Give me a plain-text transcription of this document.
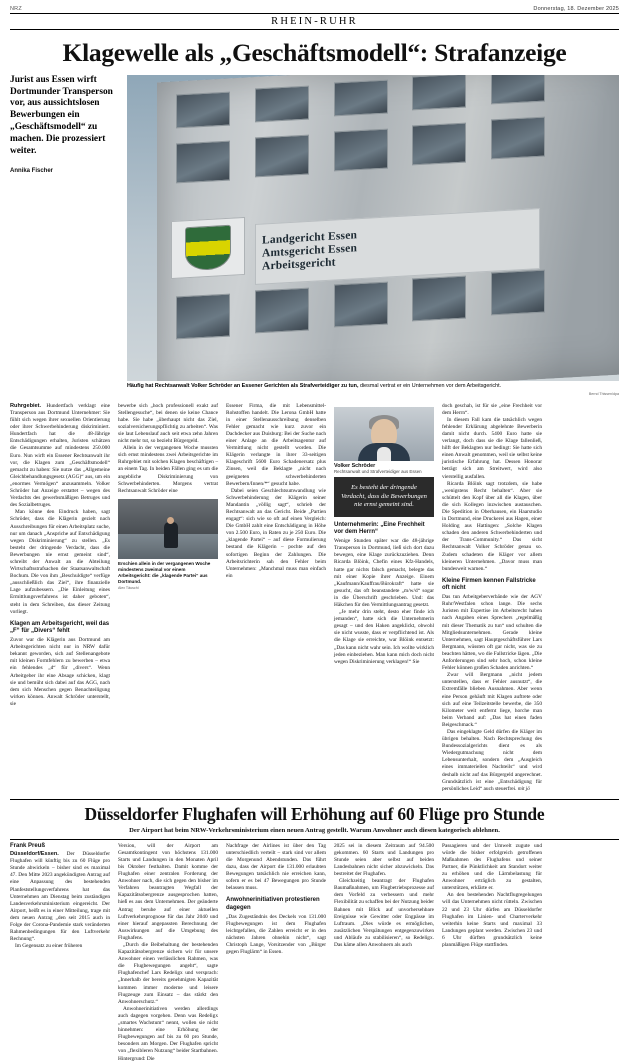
NRZ	Donnerstag, 18. Dezember 2025
RHEIN-RUHR
Klagewelle als „Geschäftsmodell“: Strafanzeige
Jurist aus Essen wirft Dortmunder Transperson vor, aus aussichtslosen Bewerbungen ein „Geschäftsmodell“ zu machen. Die prozessiert weiter.
Annika Fischer
Landgericht Essen
Amtsgericht Essen
Arbeitsgericht
Häufig hat Rechtsanwalt Volker Schröder an Essener Gerichten als Strafverteidiger zu tun, diesmal vertrat er ein Unternehmen vor dem Arbeitsgericht.
Bernd Thissen/dpa

Ruhrgebiet. Hundertfach verklagt eine Transperson aus Dortmund Unternehmer: Sie fühlt sich wegen ihrer sexuellen Orientierung oder ihrer Schwerbehinderung diskriminiert. Hundertfach hat die 48-Jährige Entschädigungen erhalten, Juristen schätzen die Gesamtsumme auf mindestens 250.000 Euro. Nun wirft ein Essener Rechtsanwalt ihr vor, die Klagen zum „Geschäftsmodell“ gemacht zu haben: Sie nutze das „Allgemeine Gleichbehandlungsgesetz (AGG)“ aus, um ein „enormes Vermögen“ anzusammeln. Volker Schröder hat Anzeige erstattet – wegen des Verdachts des gewerbsmäßigen Betruges und des Sozialbetruges.

Man könne den Eindruck haben, sagt Schröder, dass die Klägerin gezielt nach Ausschreibungen für einen Arbeitsplatz suche, nur um danach „Anspriche auf Entschädigung wegen Diskriminierung“ zu stellen. „Es besteht der dringende Verdacht, dass die Bewerbungen nie ernst gemeint sind“, schreibt der Anwalt an die Abteilung Wirtschaftsstrafsachen der Staatsanwaltschaft Bochum. Die von ihm „Beschuldigte“ verfüge „ausschließlich das Ziel“, ihre finanzielle Lage aufzubessern. „Die Einleitung eines Ermittlungsverfahrens ist daher geboten“, steht in dem Schreiben, das dieser Zeitung vorliegt.

Klagen am Arbeitsgericht, weil das „F“ für „Divers“ fehlt

Zuvor war die Klägerin aus Dortmund am Arbeitsgerichten nicht nur in NRW dafür bekannt geworden, sich auf Stellenangebote mit kleinen Formfehlern zu bewerben – etwa ein fehlendes „d“ für „divers“. Wenn Arbeitgeber ihr eine Absage schicken, klagt sie und bemüht sich dabei auf das AGG, nach dem sich Menschen gegen Benachteiligung wirken können. Anwalt Schröder unterstellt, sie

bewerbe sich „hoch professionell exakt auf Stellengesuche“, bei denen sie keine Chance habe. Sie habe „überhaupt nicht das Ziel, sozialversicherungspflichtig zu arbeiten“. Was sie laut Lebenslauf auch seit etwa zehn Jahren nicht mehr tut, so bezieht Bürgergeld.

Allein in der vergangenen Woche mussten sich ernst mindestens zwei Arbeitsgerichte im Ruhrgebiet mit solchen Klagen beschäftigen – an einem Tag. In beiden Fällen ging es um die angebliche Diskriminierung von Schwerbehinderten. Morgens vertrat Rechtsanwalt Schröder eine

Erschien allein in der vergangenen Woche mindestens zweimal vor einem Arbeitsgericht: die „klagende Partei“ aus Dortmund.
Alex Täuschl

Essener Firma, die mit Lebensmittel-Rohstoffen handelt. Die Lerona GmbH hatte in einer Stellenausschreibung denselben Fehler gemacht wie kurz zuvor ein Dachdecker aus Duisburg: Bei der Suche nach einer Anlage an die Arbeitsagentur auf Vermittlung nicht gestellt worden. Die Klägerin verlangte in ihrer 33-seitigen Klageschrift 5600 Euro Schadenersatz plus Zinsen, weil die Beklagte „nicht nach geeigneten schwerbehinderten Bewerbern/Innen/*“ gesucht habe.

Dabei seien Geschlechtsumwandlung wie Schwerbehinderung der Klägerin seiner Mandantin „völlig sagt“, schrieb der Rechtsanwalt an das Gericht. Beide „Partien engagt“: sich wie so oft auf einen Vergleich: Die GmbH zahlt eine Entschädigung in Höhe von 2.500 Euro, in Raten zu je 250 Euro. Die „klagende Partei“ – auf diese Formulierung bestand die Klägerin – pochte auf den sofortigen Beginn der Zahlungen. Die Arbeitsrichterin sah den Fehler beim Unternehmen: „Manchmal muss man einfach ein

Volker Schröder
Rechtsanwalt und Strafverteidiger aus Essen
Es besteht der dringende Verdacht, dass die Bewerbungen nie ernst gemeint sind.
Unternehmerin: „Eine Frechheit vor dem Herrn“

Wenige Stunden später war die 48-jährige Transperson in Dortmund, ließ sich dort dazu bewegen, eine Klage zurückzuziehen. Denn Ricarda Blöink, Chefin eines Kfz-Handels, hatte gar nichts falsch gemacht, belegte das mit einer Kopie ihrer Anzeige. Einem „Kaufmann/Kauffrau/Bürokraft“ hatte sie gesucht, das oft beanstandete „m/w/d“ sogar in die Überschrift geschrieben. Und: das Häkchen für den Vermittlungsantrag gesetzt.

„Je mehr drin steht, desto eher finde ich jemanden“, hatte sich die Unternehmerin gesagt – und den Haken angeklickt, obwohl sie nicht wusste, dass er verpflichtend ist. Als die Klage sie erreichte, war Blöink entsetzt: „Das kann nicht wahr sein. Ich wollte wirklich jeden einbeziehen. Man kann mich doch nicht wegen Diskriminierung verklagen!“ Sie

doch geschah, ist für sie „eine Frechheit vor dem Herrn“.

In diesem Fall kam die tatsächlich wegen fehlender Erklärung abgelehnte Bewerberin damit nicht durch. 5400 Euro hatte sie verlangt, doch dass sie die Klage fallenließ, hilft der Beklagten nur bedingt: Sie hatte sich einen Anwalt genommen, weil sie selbst keine juristische Erfahrung hat. Dessen Honorar beträgt sich am Streitwert, wird also vierstellig ausfallen.

Ricarda Blöink sagt trotzdem, sie habe „wenigstens Recht behalten“. Aber sie schüttelt den Kopf über all die Klagen, über die sich Kollegen inzwischen austauschen. Die Spedition in Oberhausen, ein Haarstudio in Dortmund, eine Druckerei aus Hagen, einer Holding aus Hattingen: „Solche Klagen schaden den anderen Schwerbehinderten und der Trans-Community.“ Das sicht Rechtsanwalt Volker Schröder genau so. Zudem schadeten die Kläger vor allem kleineren Unternehmen. „Davor muss man bundesweit warnen.“

Kleine Firmen kennen Fallstricke oft nicht

Das tun Arbeitgeberverbände wie der AGV Ruhr/Westfalen schon lange. Die sechs Juristen mit Expertise im Arbeitsrecht haben nach Angaben eines Sprechers „regelmäßig mit dieser Thematik zu tun“ und schulten die Mitgliedsunternehmen. Gerade kleine Unternehmen, sagt Hauptgeschäftsführer Lars Bergmann, wüssten oft gar nicht, was sie zu beachten hätten, wo die Fallstricke lägen. „Die Anforderungen sind sehr hoch, schon kleine Fehler können großen Schaden anrichten.“

Zwar will Bergmann „nicht jedem unterstellen, dass er Fehler ausnutzt“, die Extremfälle blieben Ausnahmen. Aber wenn eine Person gehäuft mit Klagen auftrete oder sich auf eine Teilzeitstelle bewerbe, die 350 Kilometer weit entfernt liege, horche man beim Verband auf: „Das hat einen faden Beigeschmack.“

Das eingeklagte Geld dürfen die Kläger im übrigen behalten. Nach Rechtsprechung des Bundessozialgerichts dient es als Wiedergutmachung nicht dem Lebensunterhalt, sondern dem „Ausgleich eines immateriellen Nachteils“ und wird deshalb nicht auf das Bürgergeld angerechnet. Grundsätzlich ist eine „Entschädigung für persönliches Leid“ auch steuerfrei. mit jö

Düsseldorfer Flughafen will Erhöhung auf 60 Flüge pro Stunde
Der Airport hat beim NRW-Verkehrsministerium einen neuen Antrag gestellt. Warum Anwohner auch diesen kategorisch ablehnen.
Frank Preuß

Düsseldorf/Essen. Der Düsseldorfer Flughafen will künftig bis zu 60 Flüge pro Stunde abwickeln – bisher sind es maximal 47. Den Mitte 2023 angekündigten Antrag auf eine Anpassung des bestehenden Planfeststellungsverfahrens hat das Unternehmen am Dienstag beim zuständigen Landesverkehrsministerium eingereicht. Der Airport, heißt es in einer Mitteilung, trage mit dem neuen Antrag „den seit 2015 auch in Folge der Corona-Pandemie stark veränderten Rahmenbedingungen für den Luftverkehr Rechnung“.

Im Gegensatz zu einer früheren

Version, will der Airport am Gesamtkontingent von höchstens 131.000 Starts und Landungen in den Monaten April bis Oktober festhalten. Damit komme der Flughafen einer zentralen Forderung der Anwohner nach, die sich gegen den bisher im Verfahren beantragten Wegfall der Kapazitätsobergrenze ausgesprochen hatten, hieß es aus dem Unternehmen. Der geänderte Antrag beruhe auf einer aktuellen Luftverkehrsprognose für das Jahr 2040 und einer hierauf angepassten Berechnung der Auswirkungen auf die Umgebung des Flughafens.

„Durch die Beibehaltung der bestehenden Kapazitätsobergrenze sichern wir für unsere Anwohner einen verlässlichen Rahmen, was die Flugbewegungen angeht“, sagte Flughafenchef Lars Redeligx und versprach: „Innerhalb der bereits genehmigten Kapazität kommen immer moderne und leisere Flugzeuge zum Einsatz – das stärkt den Anwohnerschutz.“

Anwohnerinitiativen werden allerdings auch dagegen vorgehen. Denn was Redeligx „smartes Wachstum“ nennt, wollen sie nicht hinnehmen: eine Erhöhung der Flugbewegungen auf bis zu 60 pro Stunde, besonders am Morgen. Der Flughafen spricht von „flexibleren Nutzung“ beider Startbahnen. Hintergrund: Die

Nachfrage der Airlines ist über den Tag unterschiedlich verteilt – stark sind vor allem die Morgenund Abendstunden. Das führt dazu, dass der Airport die 131.000 erlaubten Bewegungen tatsächlich nie erreichen kann, sofern er es bei 47 Bewegungen pro Stunde belassen muss.

Anwohnerinitiativen protestieren dagegen

„Das Zugeständnis des Deckels von 131.000 Flugbewegungen ist dem Flughafen leichtgefallen, die Zahlen erreicht er in den nächsten Jahren ohnehin nicht“, sagt Christoph Lange, Vorsitzender von „Bürger gegen Fluglärm“ in Essen.

2025 sei in diesem Zeitraum auf 94.500 gekommen. 60 Starts und Landungen pro Stunde seien aber selbst auf beiden Landesbahnen nicht sicher abzuwickeln. Das bestreitet der Flughafen.

Gleichzeitig beantragt der Flughafen Baumaßnahmen, um Flugbetriebsprozesse auf dem Vorfeld zu verbessern und mehr Flexibilität zu schaffen bei der Nutzung beider Bahnen mit Blick auf unvorhersehbare Ereignisse wie Gewitter oder Engpässe im Luftraum. „Dies würde es ermöglichen, zusätzlichen Verspätungen entgegenzuwirken und Abläufe zu stabilisieren“, so Redeligx. Das käme allen Anwohnern als auch

Passagieren und der Umwelt zugute und würde die bisher erfolgreich getroffenen Maßnahmen des Flughafens und seiner Partner, die Pünktlichkeit am Standort weiter zu erhöhen und die Lärmbelastung für Anwohner erträglich zu gestalten, unterstützen, erklärte er.

An den bestehenden Nachtflugregelungen will das Unternehmen nicht rütteln. Zwischen 22 und 23 Uhr dürfen am Düsseldorfer Flughafen im Linien- und Charterverkehr weiterhin keine Starts und maximal 33 Landungen geplant werden. Zwischen 23 und 6 Uhr dürften grundsätzlich keine planmäßigen Flüge stattfinden.
